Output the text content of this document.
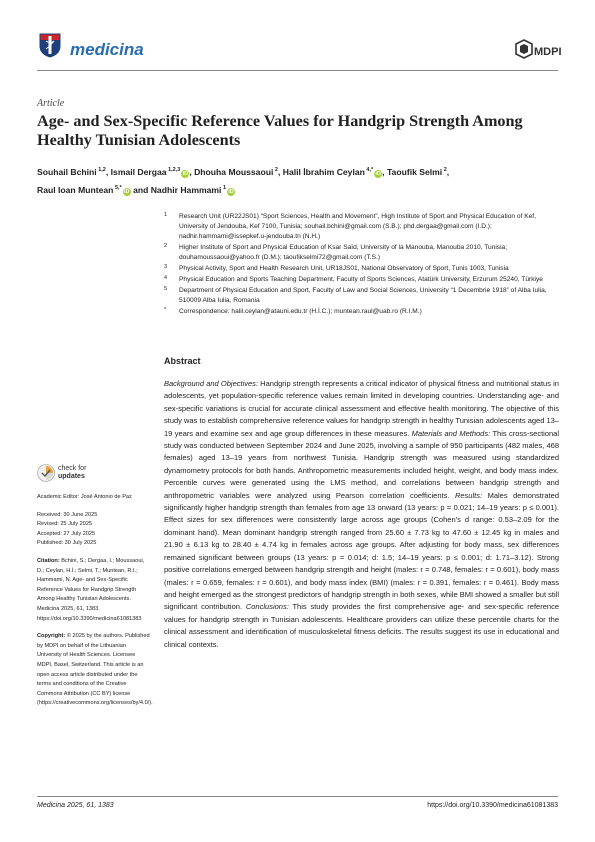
medicina	MDPI
Article
Age- and Sex-Specific Reference Values for Handgrip Strength Among Healthy Tunisian Adolescents
Souhail Bchini $^{1,2}$, Ismail Dergaa $^{1,2,3}$iD, Dhouha Moussaoui $^2$, Halil İbrahim Ceylan $^{4,*}$iD, Taoufik Selmi $^2$,
Raul Ioan Muntean $^{5,*}$iD and Nadhir Hammami $^1$iD
1 Research Unit (UR22JS01) “Sport Sciences, Health and Movement”, High Institute of Sport and Physical Education of Kef, University of Jendouba, Kef 7100, Tunisia; souhail.bchini@gmail.com (S.B.); phd.dergaa@gmail.com (I.D.); nadhir.hammami@issepkef.u-jendouba.tn (N.H.)
2 Higher Institute of Sport and Physical Education of Ksar Saïd, University of la Manouba, Manouba 2010, Tunisia; douhamoussaoui@yahoo.fr (D.M.); taoufikselmi72@gmail.com (T.S.)
3 Physical Activity, Sport and Health Research Unit, UR18JS01, National Observatory of Sport, Tunis 1003, Tunisia
4 Physical Education and Sports Teaching Department, Faculty of Sports Sciences, Atatürk University, Erzurum 25240, Türkiye
5 Department of Physical Education and Sport, Faculty of Law and Social Sciences, University “1 Decembrie 1918” of Alba Iulia, 510009 Alba Iulia, Romania
* Correspondence: halil.ceylan@atauni.edu.tr (H.İ.C.); muntean.raul@uab.ro (R.I.M.)
Abstract
Background and Objectives: Handgrip strength represents a critical indicator of physical fitness and nutritional status in adolescents, yet population-specific reference values remain limited in developing countries. Understanding age- and sex-specific variations is crucial for accurate clinical assessment and effective health monitoring. The objective of this study was to establish comprehensive reference values for handgrip strength in healthy Tunisian adolescents aged 13–19 years and examine sex and age group differences in these measures. Materials and Methods: This cross-sectional study was conducted between September 2024 and June 2025, involving a sample of 950 participants (482 males, 468 females) aged 13–19 years from northwest Tunisia. Handgrip strength was measured using standardized dynamometry protocols for both hands. Anthropometric measurements included height, weight, and body mass index. Percentile curves were generated using the LMS method, and correlations between handgrip strength and anthropometric variables were analyzed using Pearson correlation coefficients. Results: Males demonstrated significantly higher handgrip strength than females from age 13 onward (13 years: p = 0.021; 14–19 years: p ≤ 0.001). Effect sizes for sex differences were consistently large across age groups (Cohen’s d range: 0.53–2.09 for the dominant hand). Mean dominant handgrip strength ranged from 25.60 ± 7.73 kg to 47.60 ± 12.45 kg in males and 21.90 ± 6.13 kg to 28.40 ± 4.74 kg in females across age groups. After adjusting for body mass, sex differences remained significant between groups (13 years: p = 0.014; d: 1.5; 14–19 years: p ≤ 0.001; d: 1.71–3.12). Strong positive correlations emerged between handgrip strength and height (males: r = 0.748, females: r = 0.601), body mass (males: r = 0.659, females: r = 0.601), and body mass index (BMI) (males: r = 0.391, females: r = 0.461). Body mass and height emerged as the strongest predictors of handgrip strength in both sexes, while BMI showed a smaller but still significant contribution. Conclusions: This study provides the first comprehensive age- and sex-specific reference values for handgrip strength in Tunisian adolescents. Healthcare providers can utilize these percentile charts for the clinical assessment and identification of musculoskeletal fitness deficits. The results suggest its use in educational and clinical contexts.
check for
updates
Academic Editor: José Antonio de Paz
Received: 30 June 2025
Revised: 25 July 2025
Accepted: 27 July 2025
Published: 30 July 2025
Citation: Bchini, S.; Dergaa, I.; Moussaoui, D.; Ceylan, H.İ.; Selmi, T.; Muntean, R.I.; Hammami, N. Age- and Sex-Specific Reference Values for Handgrip Strength Among Healthy Tunisian Adolescents. Medicina 2025, 61, 1383. https://doi.org/10.3390/medicina61081383
Copyright: © 2025 by the authors. Published by MDPI on behalf of the Lithuanian University of Health Sciences. Licensee MDPI, Basel, Switzerland. This article is an open access article distributed under the terms and conditions of the Creative Commons Attribution (CC BY) license (https://creativecommons.org/licenses/by/4.0/).
Medicina 2025, 61, 1383	https://doi.org/10.3390/medicina61081383
